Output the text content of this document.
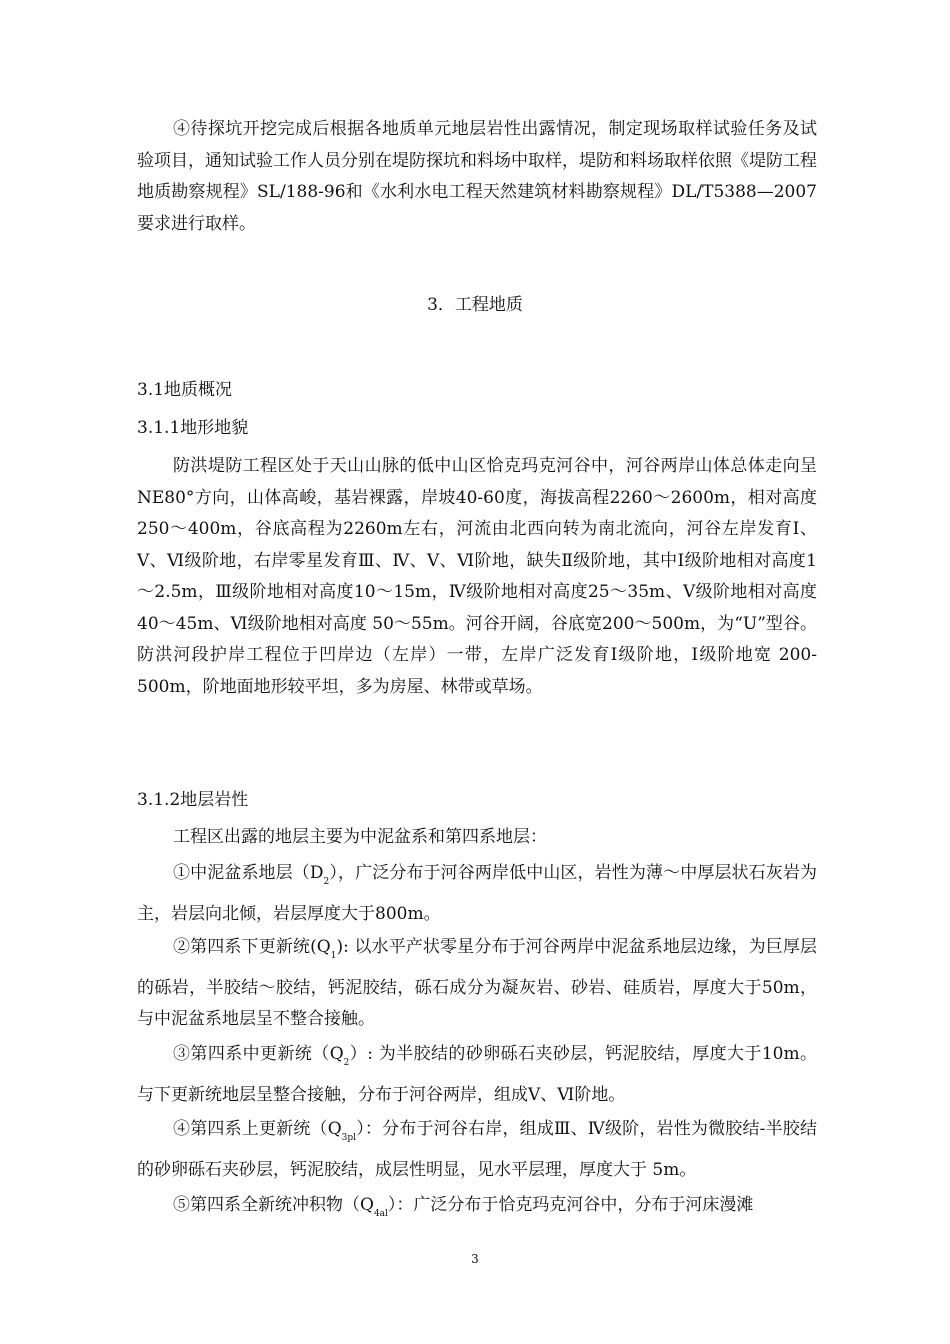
④待探坑开挖完成后根据各地质单元地层岩性出露情况，制定现场取样试验任务及试验项目，通知试验工作人员分别在堤防探坑和料场中取样，堤防和料场取样依照《堤防工程地质勘察规程》SL/188-96和《水利水电工程天然建筑材料勘察规程》DL/T5388—2007要求进行取样。
3．工程地质
3.1地质概况
3.1.1地形地貌
防洪堤防工程区处于天山山脉的低中山区恰克玛克河谷中，河谷两岸山体总体走向呈NE80°方向，山体高峻，基岩裸露，岸坡40-60度，海拔高程2260～2600m，相对高度250～400m，谷底高程为2260m左右，河流由北西向转为南北流向，河谷左岸发育Ⅰ、Ⅴ、Ⅵ级阶地，右岸零星发育Ⅲ、Ⅳ、Ⅴ、Ⅵ阶地，缺失Ⅱ级阶地，其中Ⅰ级阶地相对高度1～2.5m，Ⅲ级阶地相对高度10～15m，Ⅳ级阶地相对高度25～35m、Ⅴ级阶地相对高度 40～45m、Ⅵ级阶地相对高度 50～55m。河谷开阔，谷底宽200～500m，为“U”型谷。防洪河段护岸工程位于凹岸边（左岸）一带，左岸广泛发育Ⅰ级阶地，Ⅰ级阶地宽 200-500m，阶地面地形较平坦，多为房屋、林带或草场。
3.1.2地层岩性
工程区出露的地层主要为中泥盆系和第四系地层：
①中泥盆系地层$(D_2)$，广泛分布于河谷两岸低中山区，岩性为薄～中厚层状石灰岩为主，岩层向北倾，岩层厚度大于800m。
②第四系下更新统$(Q_1)$: 以水平产状零星分布于河谷两岸中泥盆系地层边缘，为巨厚层的砾岩，半胶结～胶结，钙泥胶结，砾石成分为凝灰岩、砂岩、硅质岩，厚度大于50m，与中泥盆系地层呈不整合接触。
③第四系中更新统$(Q_2)$: 为半胶结的砂卵砾石夹砂层，钙泥胶结，厚度大于10m。与下更新统地层呈整合接触，分布于河谷两岸，组成Ⅴ、Ⅵ阶地。
④第四系上更新统$(Q_{3pl})$：分布于河谷右岸，组成Ⅲ、Ⅳ级阶，岩性为微胶结-半胶结的砂卵砾石夹砂层，钙泥胶结，成层性明显，见水平层理，厚度大于 5m。
⑤第四系全新统冲积物$(Q_{4al})$：广泛分布于恰克玛克河谷中，分布于河床漫滩
3
